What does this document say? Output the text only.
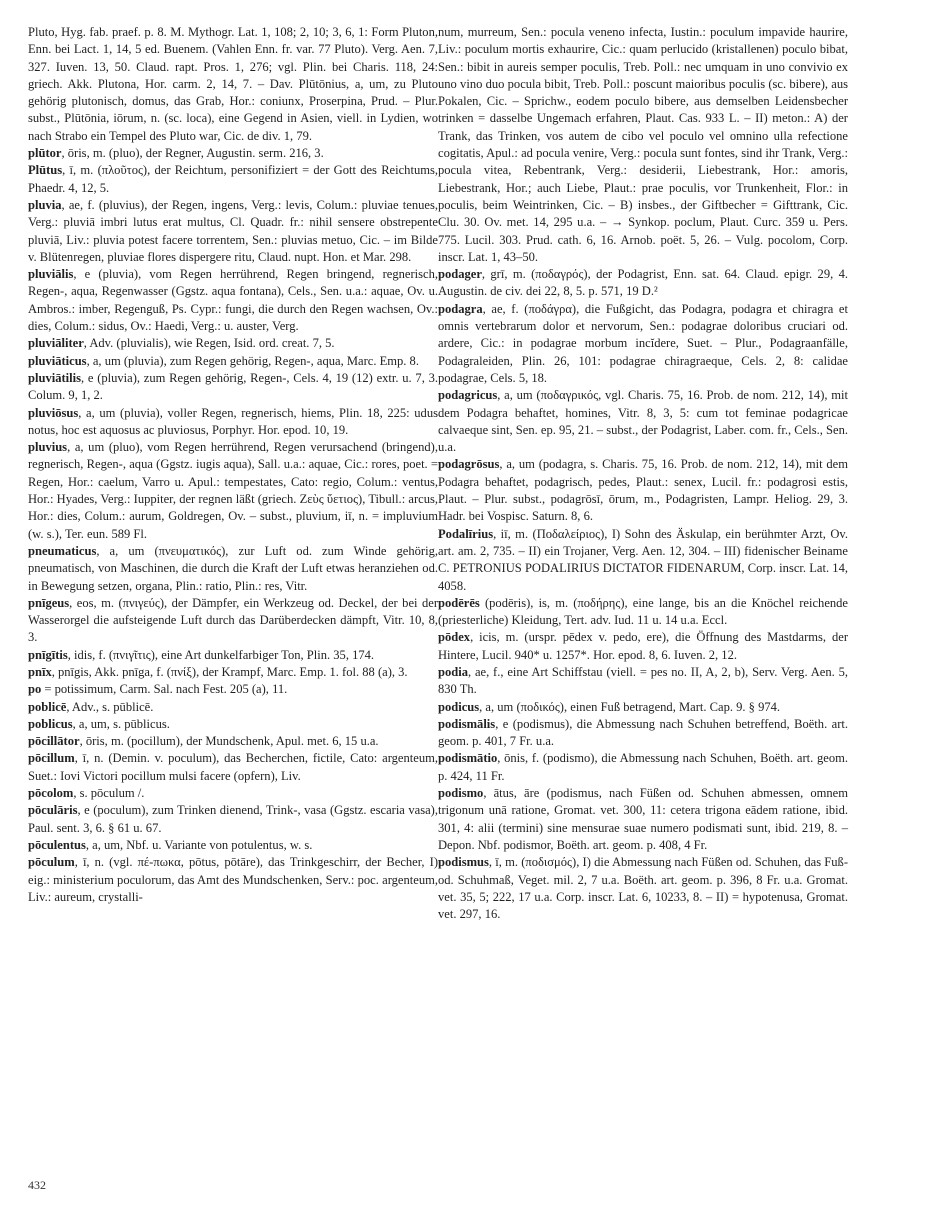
Pluto, Hyg. fab. praef. p. 8. M. Mythogr. Lat. 1, 108; 2, 10; 3, 6, 1: Form Pluton, Enn. bei Lact. 1, 14, 5 ed. Buenem. (Vahlen Enn. fr. var. 77 Pluto). Verg. Aen. 7, 327. Iuven. 13, 50. Claud. rapt. Pros. 1, 276; vgl. Plin. bei Charis. 118, 24: griech. Akk. Plutona, Hor. carm. 2, 14, 7. – Dav. Plūtōnius, a, um, zu Pluto gehörig plutonisch, domus, das Grab, Hor.: coniunx, Proserpina, Prud. – Plur. subst., Plūtōnia, iōrum, n. (sc. loca), eine Gegend in Asien, viell. in Lydien, wo nach Strabo ein Tempel des Pluto war, Cic. de div. 1, 79.

plūtor, ōris, m. (pluo), der Regner, Augustin. serm. 216, 3.

Plūtus, ī, m. (πλοῦτος), der Reichtum, personifiziert = der Gott des Reichtums, Phaedr. 4, 12, 5.

pluvia, ae, f. (pluvius), der Regen, ingens, Verg.: levis, Colum.: pluviae tenues, Verg.: pluviā imbri lutus erat multus, Cl. Quadr. fr.: nihil sensere obstrepente pluviā, Liv.: pluvia potest facere torrentem, Sen.: pluvias metuo, Cic. – im Bilde v. Blütenregen, pluviae flores dispergere ritu, Claud. nupt. Hon. et Mar. 298.

pluviālis, e (pluvia), vom Regen herrührend, Regen bringend, regnerisch, Regen-, aqua, Regenwasser (Ggstz. aqua fontana), Cels., Sen. u.a.: aquae, Ov. u. Ambros.: imber, Regenguß, Ps. Cypr.: fungi, die durch den Regen wachsen, Ov.: dies, Colum.: sidus, Ov.: Haedi, Verg.: u. auster, Verg.

pluviāliter, Adv. (pluvialis), wie Regen, Isid. ord. creat. 7, 5.

pluviāticus, a, um (pluvia), zum Regen gehörig, Regen-, aqua, Marc. Emp. 8.

pluviātilis, e (pluvia), zum Regen gehörig, Regen-, Cels. 4, 19 (12) extr. u. 7, 3. Colum. 9, 1, 2.

pluviōsus, a, um (pluvia), voller Regen, regnerisch, hiems, Plin. 18, 225: udus notus, hoc est aquosus ac pluviosus, Porphyr. Hor. epod. 10, 19.

pluvius, a, um (pluo), vom Regen herrührend, Regen verursachend (bringend), regnerisch, Regen-, aqua (Ggstz. iugis aqua), Sall. u.a.: aquae, Cic.: rores, poet. = Regen, Hor.: caelum, Varro u. Apul.: tempestates, Cato: regio, Colum.: ventus, Hor.: Hyades, Verg.: Iuppiter, der regnen läßt (griech. Ζεὺς ὕετιος), Tibull.: arcus, Hor.: dies, Colum.: aurum, Goldregen, Ov. – subst., pluvium, iī, n. = impluvium (w. s.), Ter. eun. 589 Fl.

pneumaticus, a, um (πνευματικός), zur Luft od. zum Winde gehörig, pneumatisch, von Maschinen, die durch die Kraft der Luft etwas heranziehen od. in Bewegung setzen, organa, Plin.: ratio, Plin.: res, Vitr.

pnīgeus, eos, m. (πνιγεύς), der Dämpfer, ein Werkzeug od. Deckel, der bei der Wasserorgel die aufsteigende Luft durch das Darüberdecken dämpft, Vitr. 10, 8, 3.

pnīgītis, idis, f. (πνιγῖτις), eine Art dunkelfarbiger Ton, Plin. 35, 174.

pnīx, pnīgis, Akk. pnīga, f. (πνίξ), der Krampf, Marc. Emp. 1. fol. 88 (a), 3.

po = potissimum, Carm. Sal. nach Fest. 205 (a), 11.

poblicē, Adv., s. pūblicē.

poblicus, a, um, s. pūblicus.

pōcillātor, ōris, m. (pocillum), der Mundschenk, Apul. met. 6, 15 u.a.

pōcillum, ī, n. (Demin. v. poculum), das Becherchen, fictile, Cato: argenteum, Suet.: Iovi Victori pocillum mulsi facere (opfern), Liv.

pōcolom, s. pōculum /.

pōculāris, e (poculum), zum Trinken dienend, Trink-, vasa (Ggstz. escaria vasa), Paul. sent. 3, 6. § 61 u. 67.

pōculentus, a, um, Nbf. u. Variante von potulentus, w. s.

pōculum, ī, n. (vgl. πέ-πωκα, pōtus, pōtāre), das Trinkgeschirr, der Becher, I) eig.: ministerium poculorum, das Amt des Mundschenken, Serv.: poc. argenteum, Liv.: aureum, crystalli-

num, murreum, Sen.: pocula veneno infecta, Iustin.: poculum impavide haurire, Liv.: poculum mortis exhaurire, Cic.: quam perlucido (kristallenen) poculo bibat, Sen.: bibit in aureis semper poculis, Treb. Poll.: nec umquam in uno convivio ex uno vino duo pocula bibit, Treb. Poll.: poscunt maioribus poculis (sc. bibere), aus Pokalen, Cic. – Sprichw., eodem poculo bibere, aus demselben Leidensbecher trinken = dasselbe Ungemach erfahren, Plaut. Cas. 933 L. – II) meton.: A) der Trank, das Trinken, vos autem de cibo vel poculo vel omnino ulla refectione cogitatis, Apul.: ad pocula venire, Verg.: pocula sunt fontes, sind ihr Trank, Verg.: pocula vitea, Rebentrank, Verg.: desiderii, Liebestrank, Hor.: amoris, Liebestrank, Hor.; auch Liebe, Plaut.: prae poculis, vor Trunkenheit, Flor.: in poculis, beim Weintrinken, Cic. – B) insbes., der Giftbecher = Gifttrank, Cic. Clu. 30. Ov. met. 14, 295 u.a. – → Synkop. poclum, Plaut. Curc. 359 u. Pers. 775. Lucil. 303. Prud. cath. 6, 16. Arnob. poët. 5, 26. – Vulg. pocolom, Corp. inscr. Lat. 1, 43–50.

podager, grī, m. (ποδαγρός), der Podagrist, Enn. sat. 64. Claud. epigr. 29, 4. Augustin. de civ. dei 22, 8, 5. p. 571, 19 D.²

podagra, ae, f. (ποδάγρα), die Fußgicht, das Podagra, podagra et chiragra et omnis vertebrarum dolor et nervorum, Sen.: podagrae doloribus cruciari od. ardere, Cic.: in podagrae morbum incĭdere, Suet. – Plur., Podagraanfälle, Podagraleiden, Plin. 26, 101: podagrae chiragraeque, Cels. 2, 8: calidae podagrae, Cels. 5, 18.

podagricus, a, um (ποδαγρικός, vgl. Charis. 75, 16. Prob. de nom. 212, 14), mit dem Podagra behaftet, homines, Vitr. 8, 3, 5: cum tot feminae podagricae calvaeque sint, Sen. ep. 95, 21. – subst., der Podagrist, Laber. com. fr., Cels., Sen. u.a.

podagrōsus, a, um (podagra, s. Charis. 75, 16. Prob. de nom. 212, 14), mit dem Podagra behaftet, podagrisch, pedes, Plaut.: senex, Lucil. fr.: podagrosi estis, Plaut. – Plur. subst., podagrōsī, ōrum, m., Podagristen, Lampr. Heliog. 29, 3. Hadr. bei Vospisc. Saturn. 8, 6.

Podalīrius, iī, m. (Ποδαλείριος), I) Sohn des Äskulap, ein berühmter Arzt, Ov. art. am. 2, 735. – II) ein Trojaner, Verg. Aen. 12, 304. – III) fidenischer Beiname C. PETRONIUS PODALIRIUS DICTATOR FIDENARUM, Corp. inscr. Lat. 14, 4058.

podērēs (podēris), is, m. (ποδήρης), eine lange, bis an die Knöchel reichende (priesterliche) Kleidung, Tert. adv. Iud. 11 u. 14 u.a. Eccl.

pōdex, icis, m. (urspr. pēdex v. pedo, ere), die Öffnung des Mastdarms, der Hintere, Lucil. 940* u. 1257*. Hor. epod. 8, 6. Iuven. 2, 12.

podia, ae, f., eine Art Schiffstau (viell. = pes no. II, A, 2, b), Serv. Verg. Aen. 5, 830 Th.

podicus, a, um (ποδικός), einen Fuß betragend, Mart. Cap. 9. § 974.

podismālis, e (podismus), die Abmessung nach Schuhen betreffend, Boëth. art. geom. p. 401, 7 Fr. u.a.

podismātio, ōnis, f. (podismo), die Abmessung nach Schuhen, Boëth. art. geom. p. 424, 11 Fr.

podismo, ātus, āre (podismus, nach Füßen od. Schuhen abmessen, omnem trigonum unā ratione, Gromat. vet. 300, 11: cetera trigona eādem ratione, ibid. 301, 4: alii (termini) sine mensurae suae numero podismati sunt, ibid. 219, 8. – Depon. Nbf. podismor, Boëth. art. geom. p. 408, 4 Fr.

podismus, ī, m. (ποδισμός), I) die Abmessung nach Füßen od. Schuhen, das Fuß- od. Schuhmaß, Veget. mil. 2, 7 u.a. Boëth. art. geom. p. 396, 8 Fr. u.a. Gromat. vet. 35, 5; 222, 17 u.a. Corp. inscr. Lat. 6, 10233, 8. – II) = hypotenusa, Gromat. vet. 297, 16.

432
